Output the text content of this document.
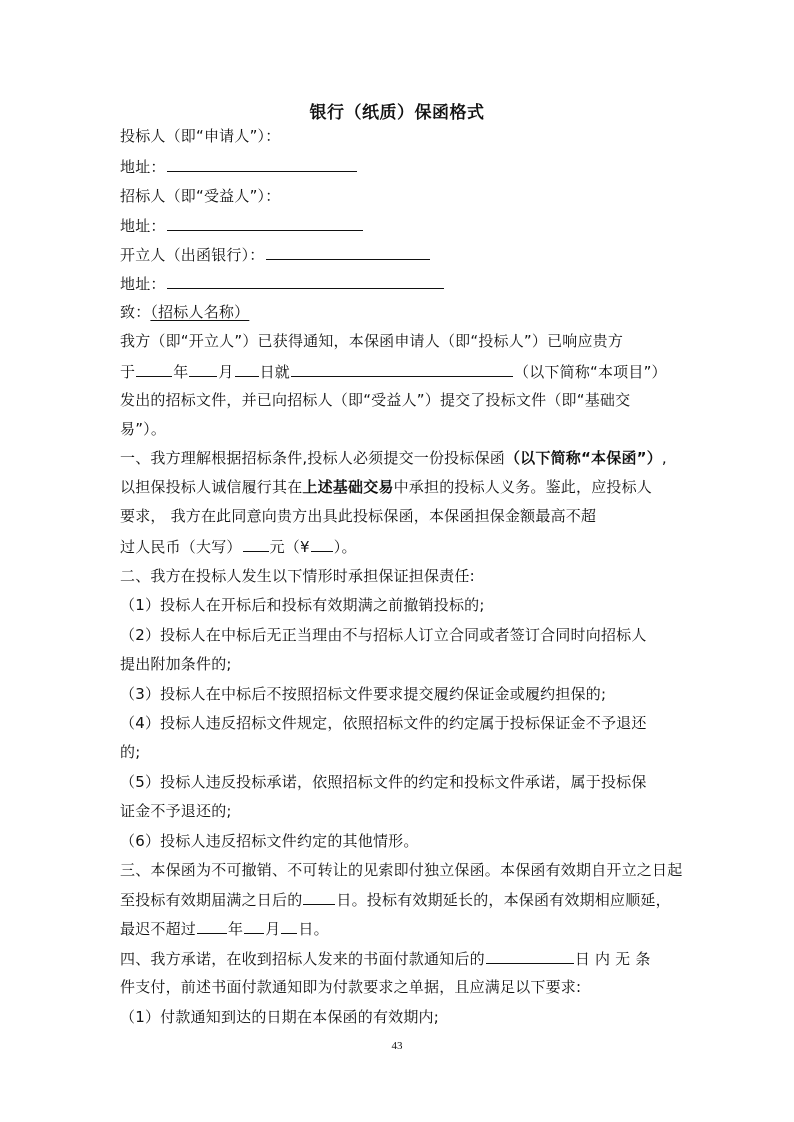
银行（纸质）保函格式
投标人（即“申请人”）：
地址：
招标人（即“受益人”）：
地址：
开立人（出函银行）：
地址：
致：（招标人名称）
我方（即“开立人”）已获得通知，本保函申请人（即“投标人”）已响应贵方
于	年 月 日就	（以下简称“本项目”）
发出的招标文件，并已向招标人（即“受益人”）提交了投标文件（即“基础交
易”）。
一、我方理解根据招标条件,投标人必须提交一份投标保函（以下简称“本保函”）,
以担保投标人诚信履行其在上述基础交易中承担的投标人义务。鉴此，应投标人
要求， 我方在此同意向贵方出具此投标保函，本保函担保金额最高不超
过人民币（大写） 元（¥ ）。
二、我方在投标人发生以下情形时承担保证担保责任:
（1）投标人在开标后和投标有效期满之前撤销投标的;
（2）投标人在中标后无正当理由不与招标人订立合同或者签订合同时向招标人
提出附加条件的;
（3）投标人在中标后不按照招标文件要求提交履约保证金或履约担保的;
（4）投标人违反招标文件规定，依照招标文件的约定属于投标保证金不予退还
的;
（5）投标人违反投标承诺，依照招标文件的约定和投标文件承诺，属于投标保
证金不予退还的;
（6）投标人违反招标文件约定的其他情形。
三、本保函为不可撤销、不可转让的见索即付独立保函。本保函有效期自开立之日起
至投标有效期届满之日后的 日。投标有效期延长的，本保函有效期相应顺延，
最迟不超过 年 月 日。
四、我方承诺，在收到招标人发来的书面付款通知后的	日 内 无 条
件支付，前述书面付款通知即为付款要求之单据，且应满足以下要求:
（1）付款通知到达的日期在本保函的有效期内;
43
